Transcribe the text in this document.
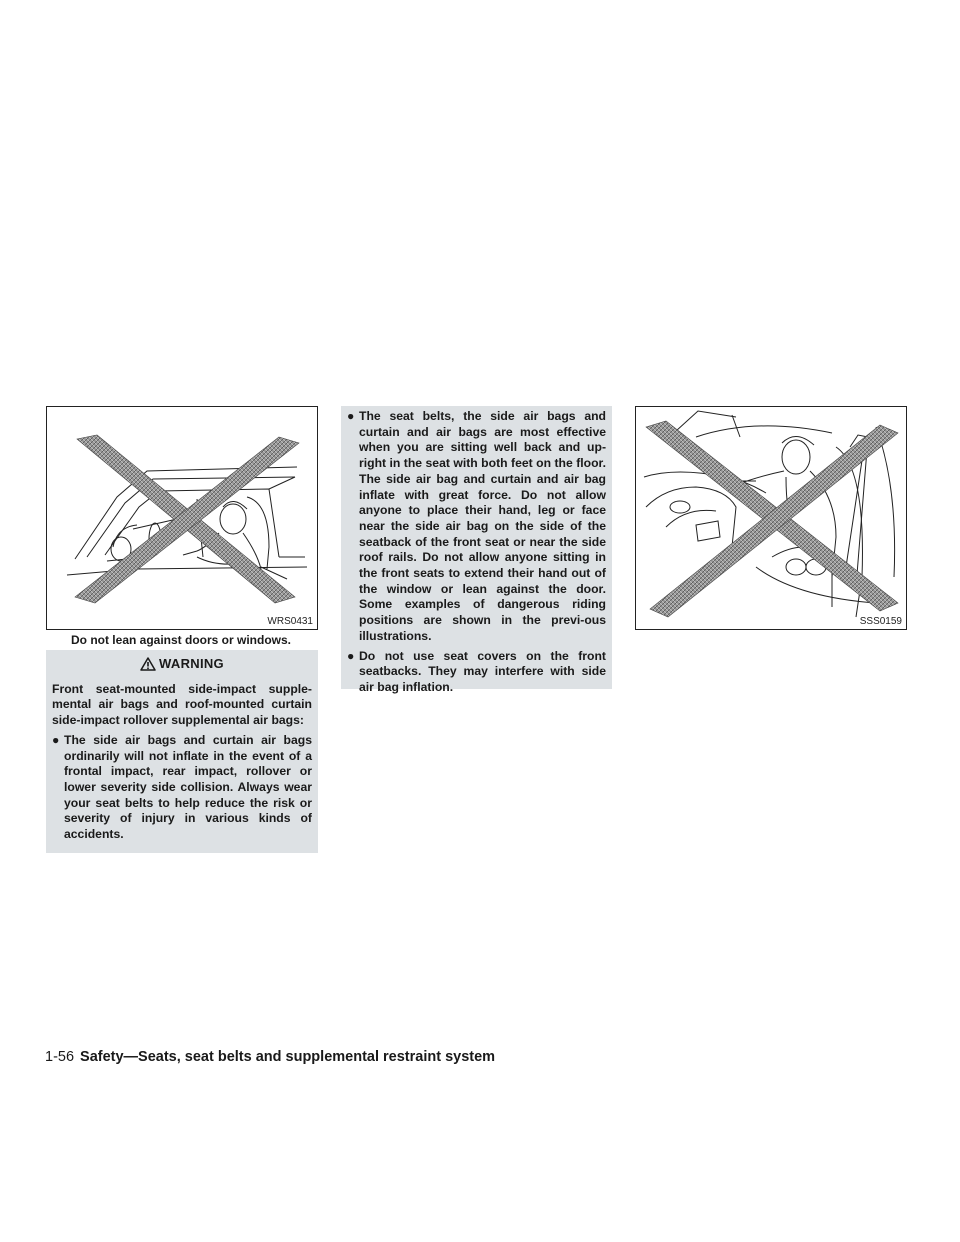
WRS0431
Do not lean against doors or windows.
WARNING

Front seat-mounted side-impact supple-mental air bags and roof-mounted curtain side-impact rollover supplemental air bags:

● The side air bags and curtain air bags ordinarily will not inflate in the event of a frontal impact, rear impact, rollover or lower severity side collision. Always wear your seat belts to help reduce the risk or severity of injury in various kinds of accidents.
● The seat belts, the side air bags and curtain and air bags are most effective when you are sitting well back and up-right in the seat with both feet on the floor. The side air bag and curtain and air bag inflate with great force. Do not allow anyone to place their hand, leg or face near the side air bag on the side of the seatback of the front seat or near the side roof rails. Do not allow anyone sitting in the front seats to extend their hand out of the window or lean against the door. Some examples of dangerous riding positions are shown in the previ-ous illustrations.
● Do not use seat covers on the front seatbacks. They may interfere with side air bag inflation.
SSS0159
1-56 Safety—Seats, seat belts and supplemental restraint system
